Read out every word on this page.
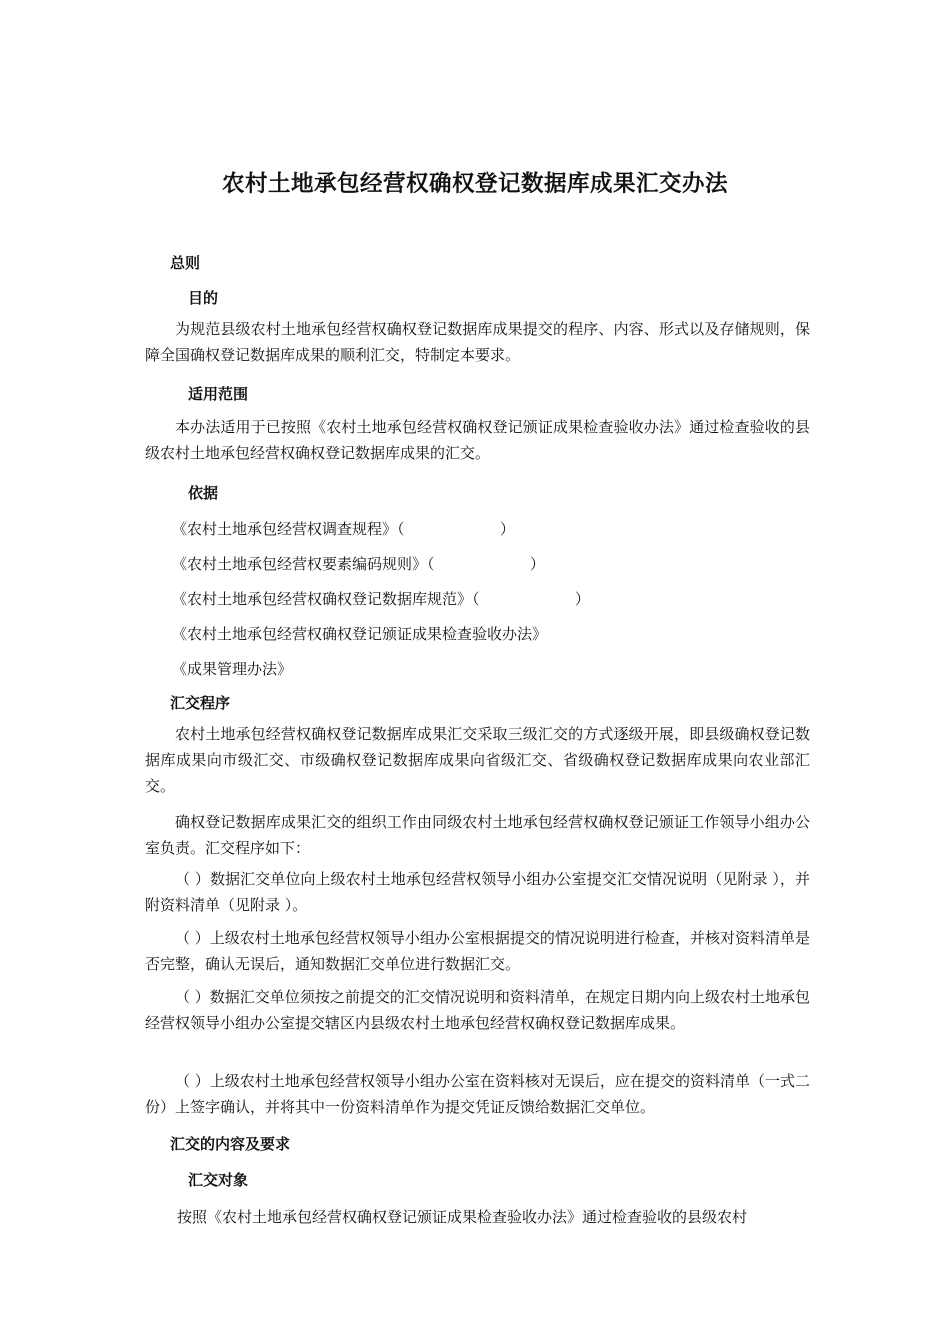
农村土地承包经营权确权登记数据库成果汇交办法
总则
目的

为规范县级农村土地承包经营权确权登记数据库成果提交的程序、内容、形式以及存储规则，保障全国确权登记数据库成果的顺利汇交，特制定本要求。

适用范围

本办法适用于已按照《农村土地承包经营权确权登记颁证成果检查验收办法》通过检查验收的县级农村土地承包经营权确权登记数据库成果的汇交。

依据

《农村土地承包经营权调查规程》（                    ）

《农村土地承包经营权要素编码规则》（                    ）

《农村土地承包经营权确权登记数据库规范》（                    ）

《农村土地承包经营权确权登记颁证成果检查验收办法》

《成果管理办法》

汇交程序

农村土地承包经营权确权登记数据库成果汇交采取三级汇交的方式逐级开展，即县级确权登记数据库成果向市级汇交、市级确权登记数据库成果向省级汇交、省级确权登记数据库成果向农业部汇交。

确权登记数据库成果汇交的组织工作由同级农村土地承包经营权确权登记颁证工作领导小组办公室负责。汇交程序如下：

（ ）数据汇交单位向上级农村土地承包经营权领导小组办公室提交汇交情况说明（见附录 ），并附资料清单（见附录 ）。

（ ）上级农村土地承包经营权领导小组办公室根据提交的情况说明进行检查，并核对资料清单是否完整，确认无误后，通知数据汇交单位进行数据汇交。

（ ）数据汇交单位须按之前提交的汇交情况说明和资料清单，在规定日期内向上级农村土地承包经营权领导小组办公室提交辖区内县级农村土地承包经营权确权登记数据库成果。

（ ）上级农村土地承包经营权领导小组办公室在资料核对无误后，应在提交的资料清单（一式二份）上签字确认，并将其中一份资料清单作为提交凭证反馈给数据汇交单位。

汇交的内容及要求
汇交对象

按照《农村土地承包经营权确权登记颁证成果检查验收办法》通过检查验收的县级农村
